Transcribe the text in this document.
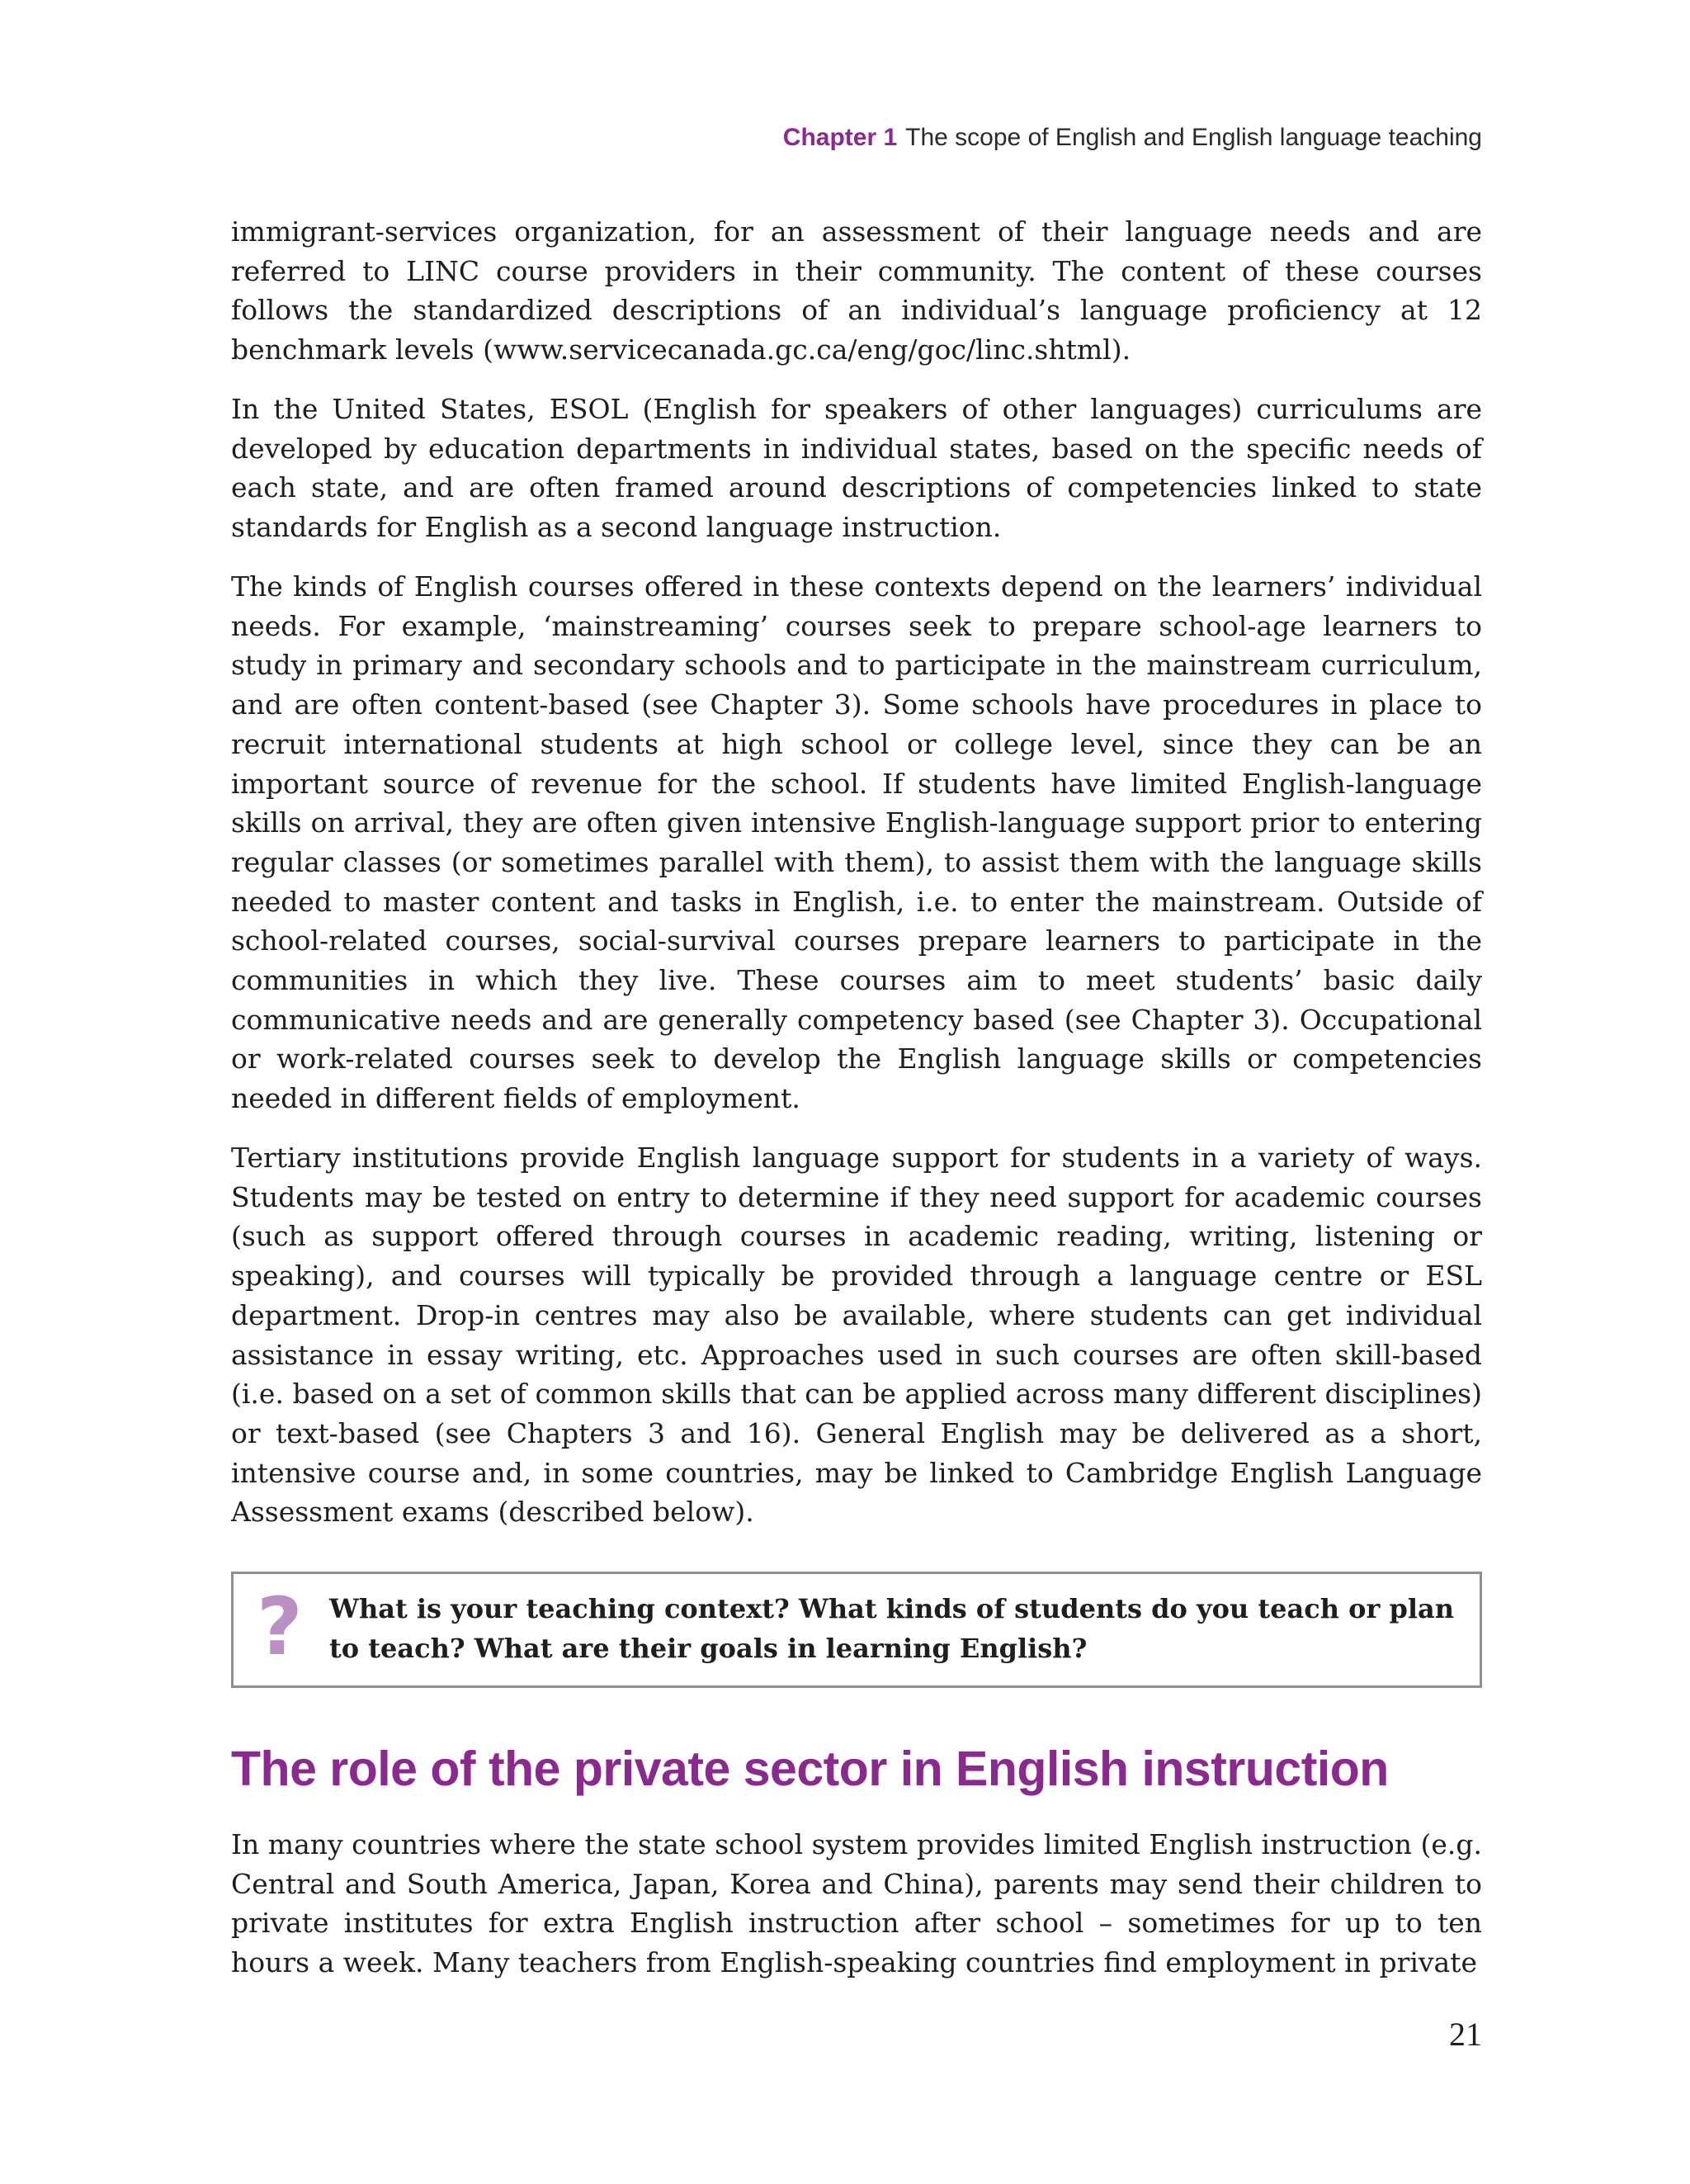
Chapter 1 The scope of English and English language teaching

immigrant-services organization, for an assessment of their language needs and are referred to LINC course providers in their community. The content of these courses follows the standardized descriptions of an individual’s language proficiency at 12 benchmark levels (www.servicecanada.gc.ca/eng/goc/linc.shtml).

In the United States, ESOL (English for speakers of other languages) curriculums are developed by education departments in individual states, based on the specific needs of each state, and are often framed around descriptions of competencies linked to state standards for English as a second language instruction.

The kinds of English courses offered in these contexts depend on the learners’ individual needs. For example, ‘mainstreaming’ courses seek to prepare school-age learners to study in primary and secondary schools and to participate in the mainstream curriculum, and are often content-based (see Chapter 3). Some schools have procedures in place to recruit international students at high school or college level, since they can be an important source of revenue for the school. If students have limited English-language skills on arrival, they are often given intensive English-language support prior to entering regular classes (or sometimes parallel with them), to assist them with the language skills needed to master content and tasks in English, i.e. to enter the mainstream. Outside of school-related courses, social-survival courses prepare learners to participate in the communities in which they live. These courses aim to meet students’ basic daily communicative needs and are generally competency based (see Chapter 3). Occupational or work-related courses seek to develop the English language skills or competencies needed in different fields of employment.

Tertiary institutions provide English language support for students in a variety of ways. Students may be tested on entry to determine if they need support for academic courses (such as support offered through courses in academic reading, writing, listening or speaking), and courses will typically be provided through a language centre or ESL department. Drop-in centres may also be available, where students can get individual assistance in essay writing, etc. Approaches used in such courses are often skill-based (i.e. based on a set of common skills that can be applied across many different disciplines) or text-based (see Chapters 3 and 16). General English may be delivered as a short, intensive course and, in some countries, may be linked to Cambridge English Language Assessment exams (described below).

? What is your teaching context? What kinds of students do you teach or plan to teach? What are their goals in learning English?

The role of the private sector in English instruction

In many countries where the state school system provides limited English instruction (e.g. Central and South America, Japan, Korea and China), parents may send their children to private institutes for extra English instruction after school – sometimes for up to ten hours a week. Many teachers from English-speaking countries find employment in private

21
